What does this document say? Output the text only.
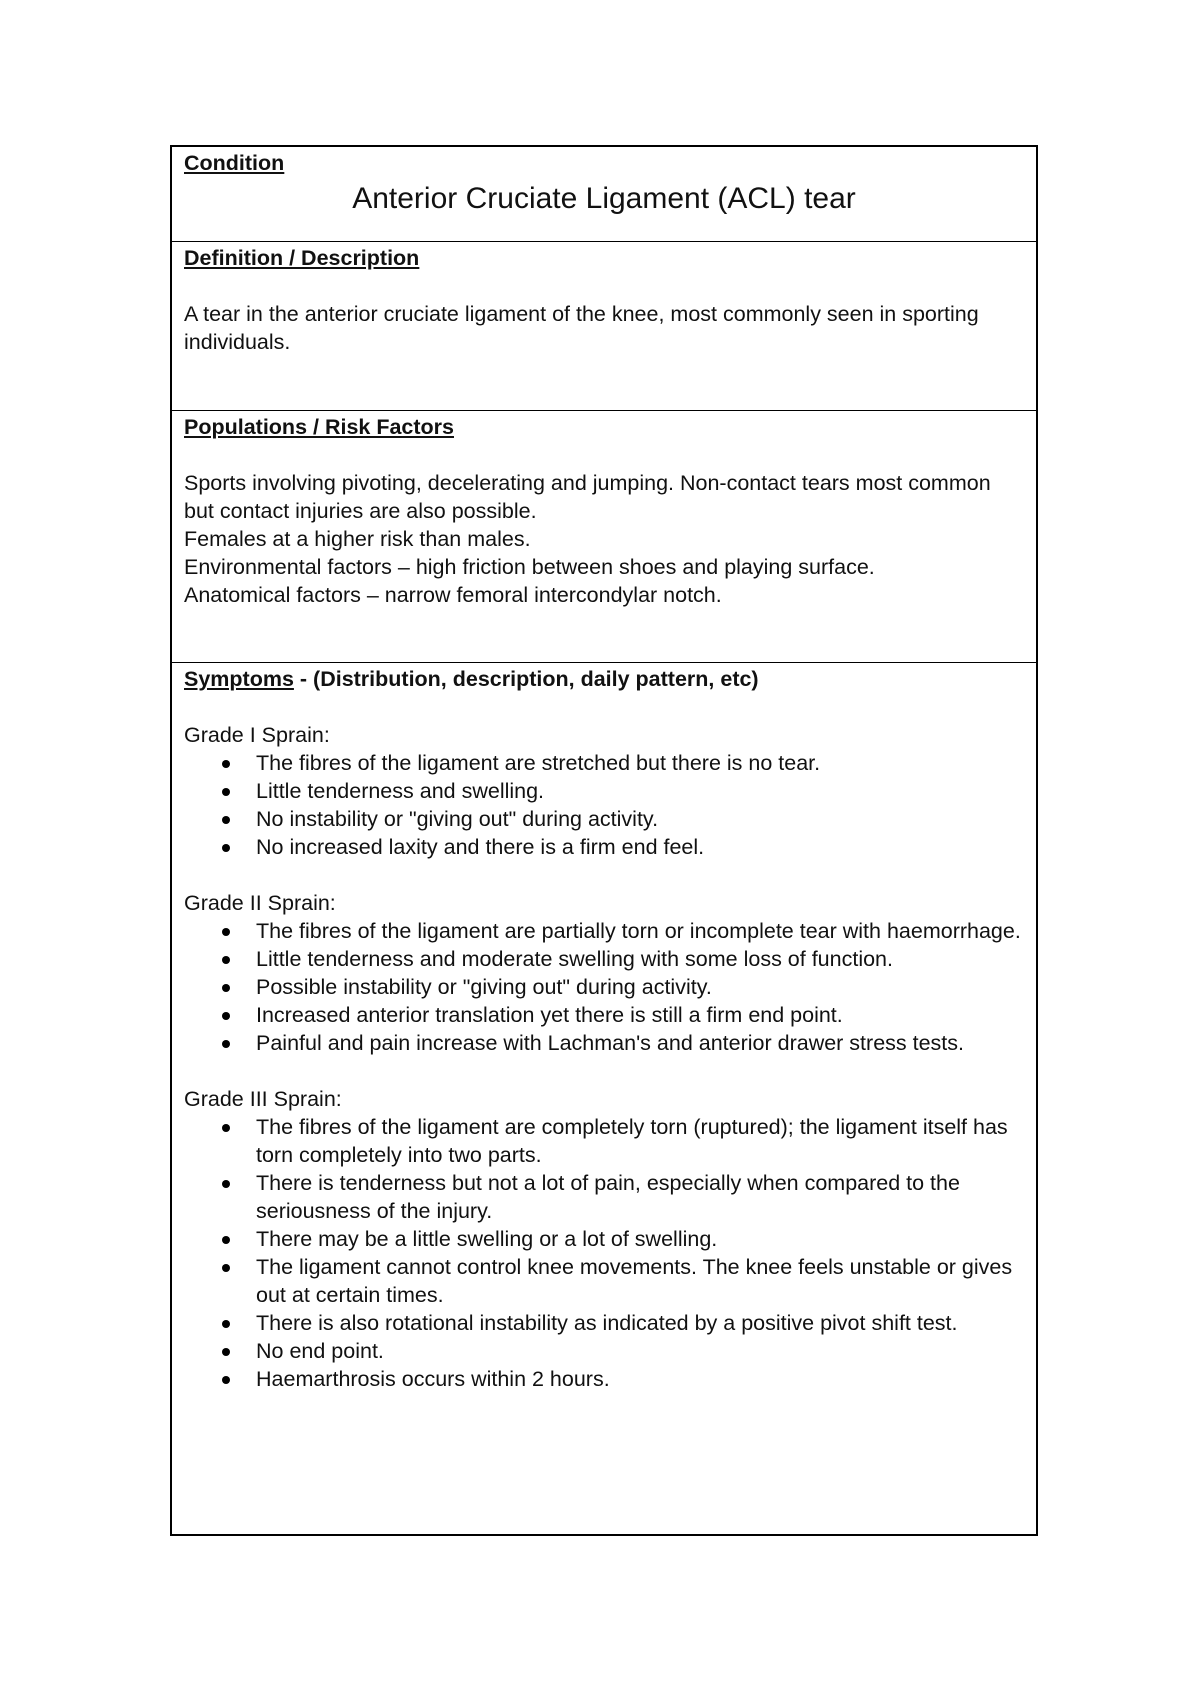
Condition
Anterior Cruciate Ligament (ACL) tear
Definition / Description

A tear in the anterior cruciate ligament of the knee, most commonly seen in sporting individuals.

Populations / Risk Factors

Sports involving pivoting, decelerating and jumping. Non-contact tears most common but contact injuries are also possible.

Females at a higher risk than males.

Environmental factors – high friction between shoes and playing surface.

Anatomical factors – narrow femoral intercondylar notch.

Symptoms - (Distribution, description, daily pattern, etc)

Grade I Sprain:

The fibres of the ligament are stretched but there is no tear.
Little tenderness and swelling.
No instability or "giving out" during activity.
No increased laxity and there is a firm end feel.

Grade II Sprain:

The fibres of the ligament are partially torn or incomplete tear with haemorrhage.
Little tenderness and moderate swelling with some loss of function.
Possible instability or "giving out" during activity.
Increased anterior translation yet there is still a firm end point.
Painful and pain increase with Lachman's and anterior drawer stress tests.

Grade III Sprain:

The fibres of the ligament are completely torn (ruptured); the ligament itself has torn completely into two parts.
There is tenderness but not a lot of pain, especially when compared to the seriousness of the injury.
There may be a little swelling or a lot of swelling.
The ligament cannot control knee movements. The knee feels unstable or gives out at certain times.
There is also rotational instability as indicated by a positive pivot shift test.
No end point.
Haemarthrosis occurs within 2 hours.
